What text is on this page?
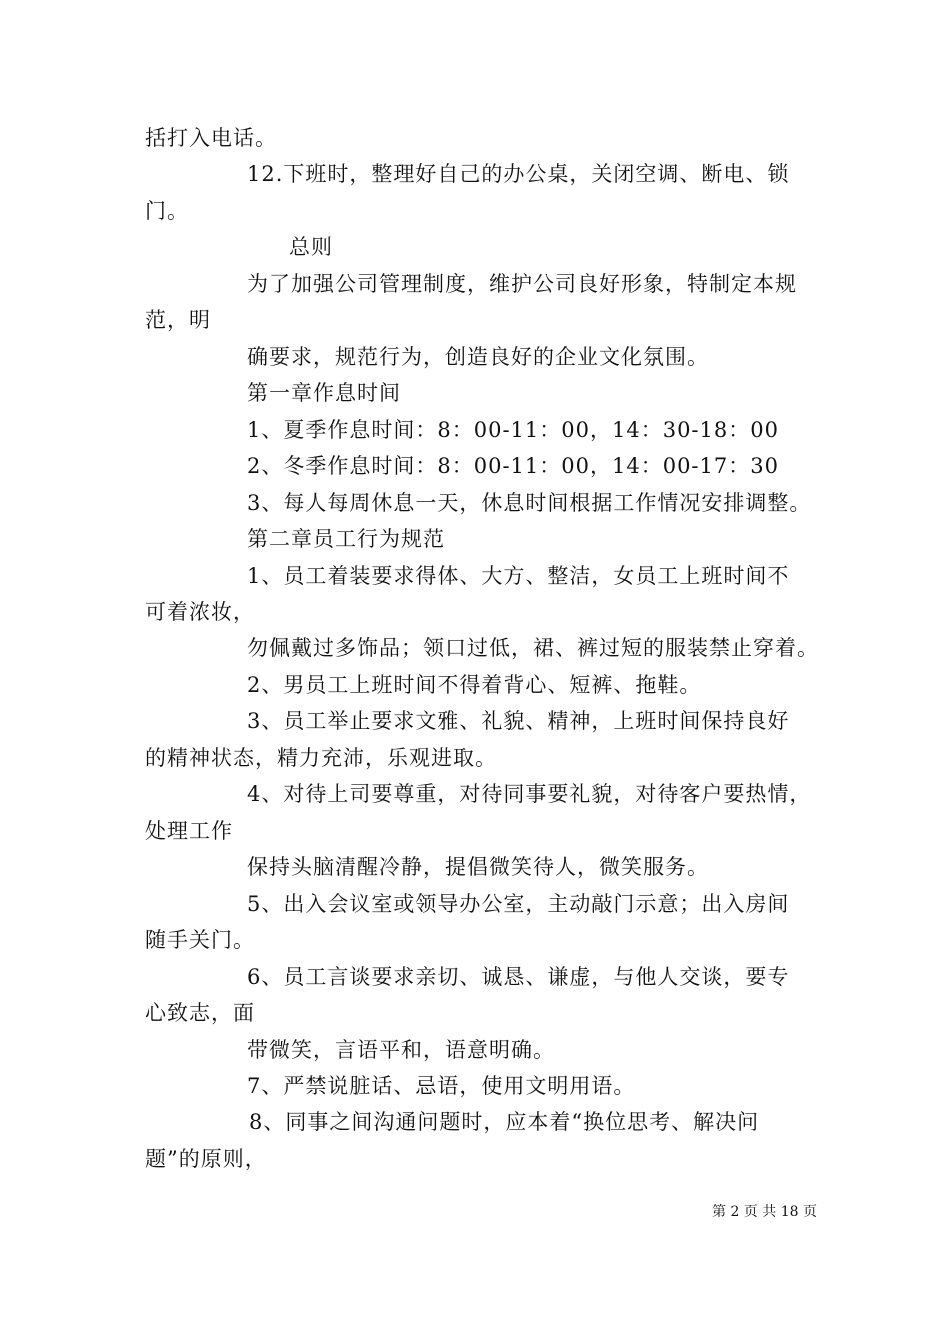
括打入电话。
12.下班时，整理好自己的办公桌，关闭空调、断电、锁
门。
总则
为了加强公司管理制度，维护公司良好形象，特制定本规
范，明
确要求，规范行为，创造良好的企业文化氛围。
第一章作息时间
1、夏季作息时间：8：00-11：00，14：30-18：00
2、冬季作息时间：8：00-11：00，14：00-17：30
3、每人每周休息一天，休息时间根据工作情况安排调整。
第二章员工行为规范
1、员工着装要求得体、大方、整洁，女员工上班时间不
可着浓妆，
勿佩戴过多饰品；领口过低，裙、裤过短的服装禁止穿着。
2、男员工上班时间不得着背心、短裤、拖鞋。
3、员工举止要求文雅、礼貌、精神，上班时间保持良好
的精神状态，精力充沛，乐观进取。
4、对待上司要尊重，对待同事要礼貌，对待客户要热情，
处理工作
保持头脑清醒冷静，提倡微笑待人，微笑服务。
5、出入会议室或领导办公室，主动敲门示意；出入房间
随手关门。
6、员工言谈要求亲切、诚恳、谦虚，与他人交谈，要专
心致志，面
带微笑，言语平和，语意明确。
7、严禁说脏话、忌语，使用文明用语。
8、同事之间沟通问题时，应本着“换位思考、解决问
题”的原则，
第 2 页 共 18 页
